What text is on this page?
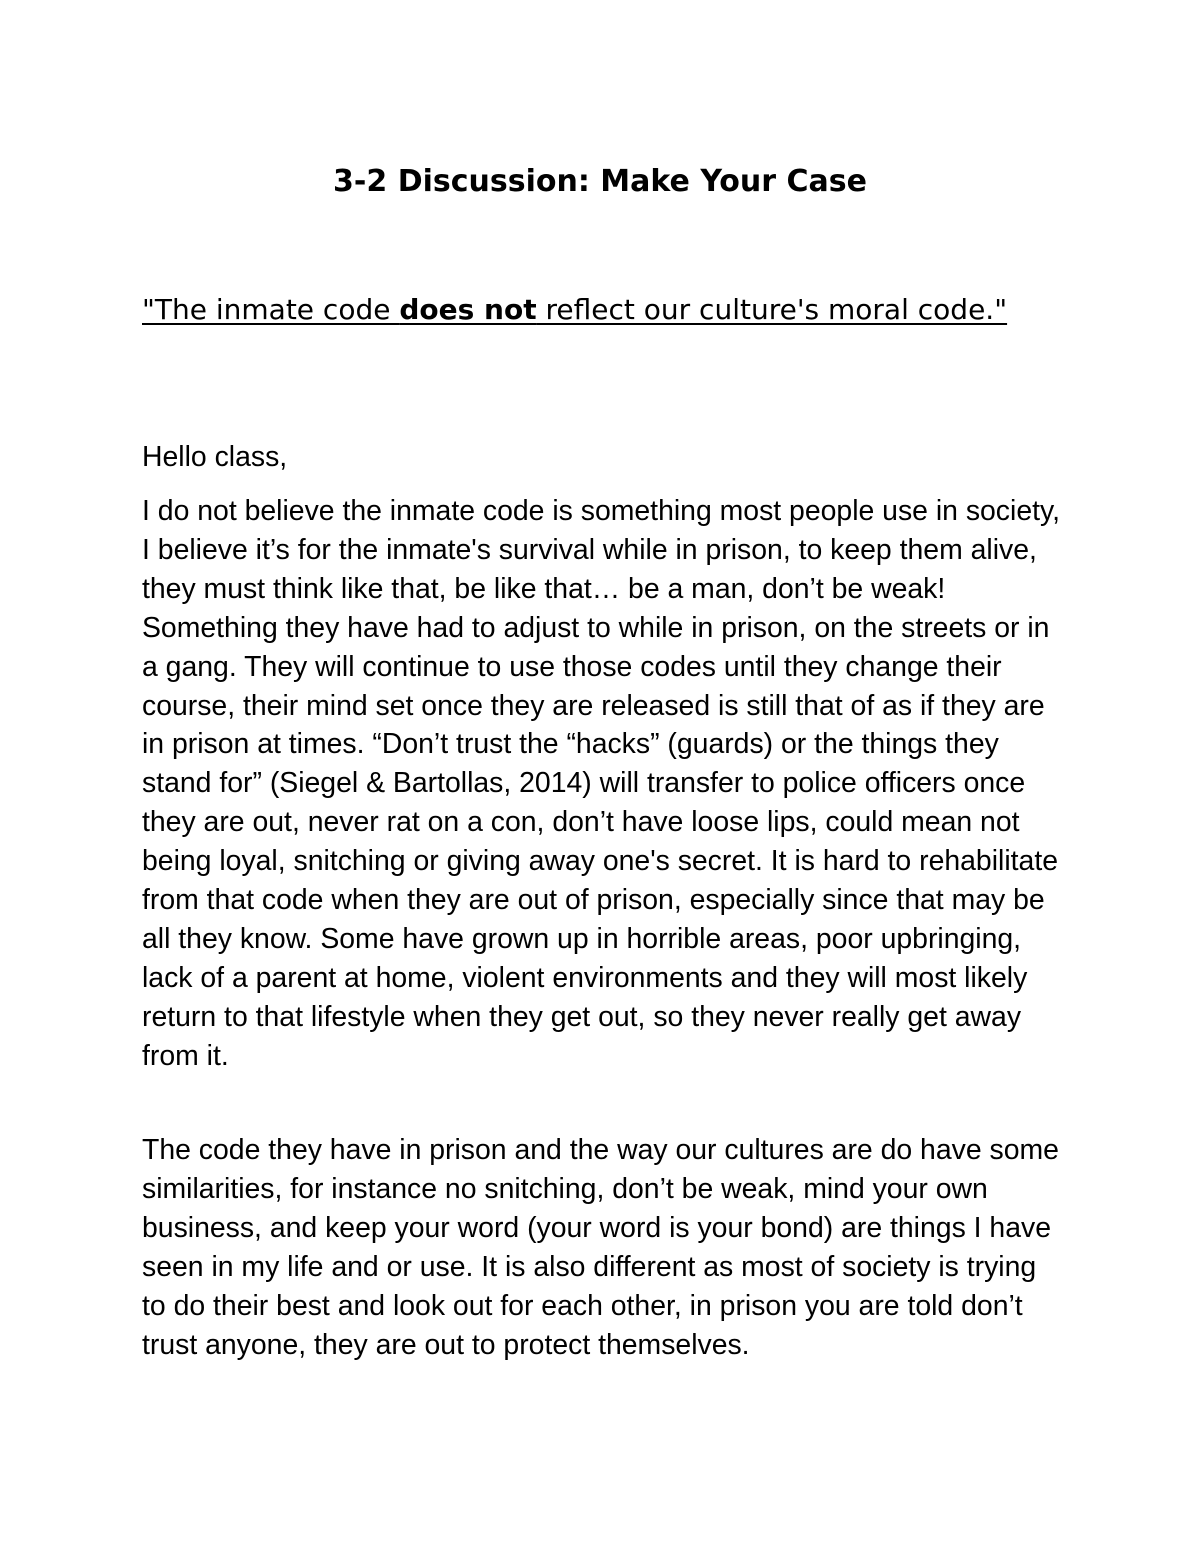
3-2 Discussion: Make Your Case

"The inmate code does not reflect our culture's moral code."

Hello class,

I do not believe the inmate code is something most people use in society, I believe it’s for the inmate's survival while in prison, to keep them alive, they must think like that, be like that… be a man, don’t be weak! Something they have had to adjust to while in prison, on the streets or in a gang. They will continue to use those codes until they change their course, their mind set once they are released is still that of as if they are in prison at times. “Don’t trust the “hacks” (guards) or the things they stand for” (Siegel & Bartollas, 2014) will transfer to police officers once they are out, never rat on a con, don’t have loose lips, could mean not being loyal, snitching or giving away one's secret. It is hard to rehabilitate from that code when they are out of prison, especially since that may be all they know. Some have grown up in horrible areas, poor upbringing, lack of a parent at home, violent environments and they will most likely return to that lifestyle when they get out, so they never really get away from it.

The code they have in prison and the way our cultures are do have some similarities, for instance no snitching, don’t be weak, mind your own business, and keep your word (your word is your bond) are things I have seen in my life and or use. It is also different as most of society is trying to do their best and look out for each other, in prison you are told don’t trust anyone, they are out to protect themselves.
